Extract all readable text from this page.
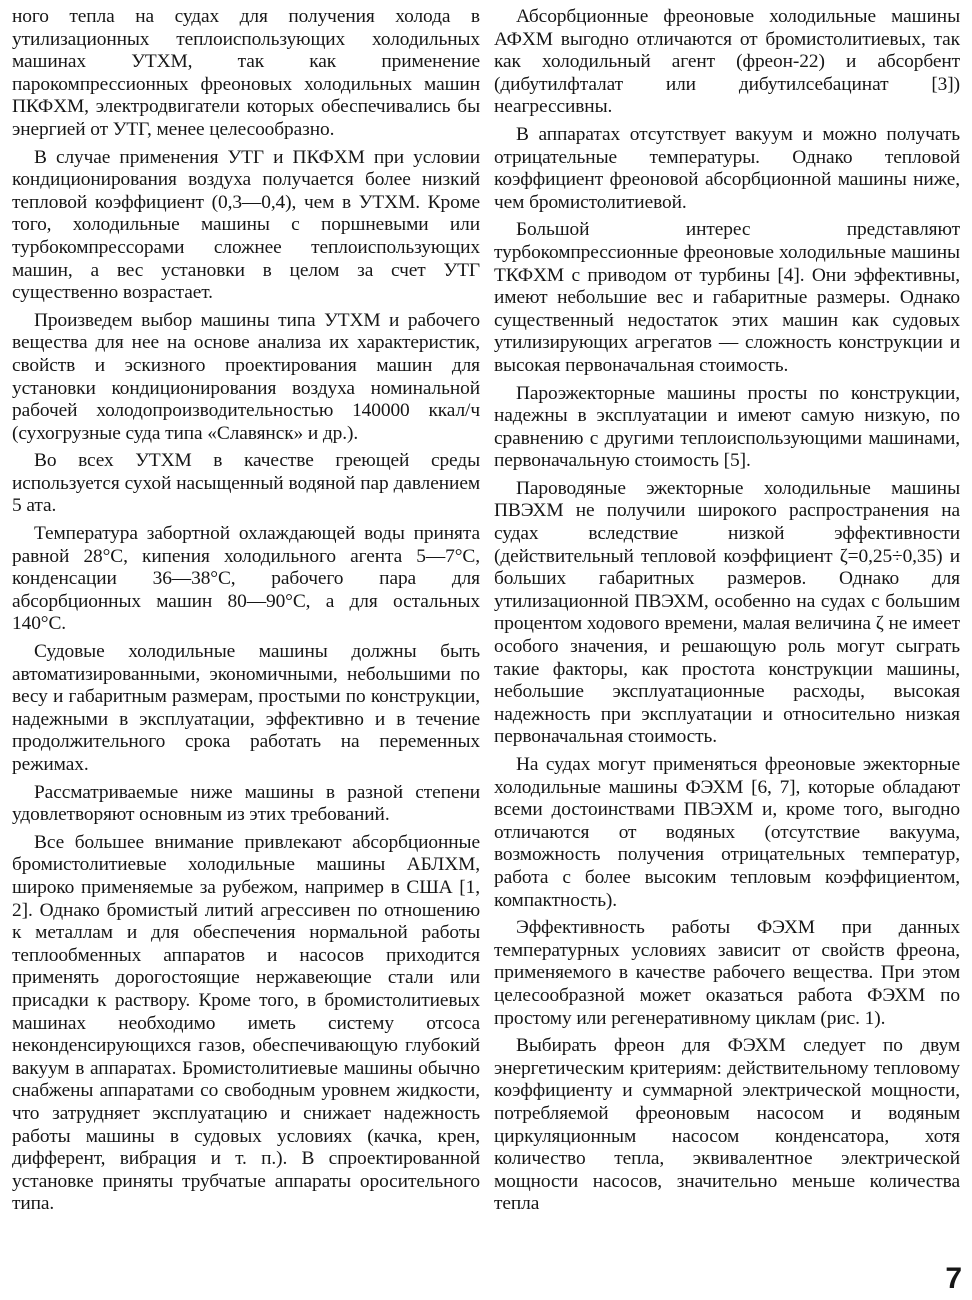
ного тепла на судах для получения холода в утилизационных теплоиспользующих холодильных машинах УТХМ, так как применение парокомпрессионных фреоновых холодильных машин ПКФХМ, электродвигатели которых обеспечивались бы энергией от УТГ, менее целесообразно.

В случае применения УТГ и ПКФХМ при условии кондиционирования воздуха получается более низкий тепловой коэффициент (0,3—0,4), чем в УТХМ. Кроме того, холодильные машины с поршневыми или турбокомпрессорами сложнее теплоиспользующих машин, а вес установки в целом за счет УТГ существенно возрастает.

Произведем выбор машины типа УТХМ и рабочего вещества для нее на основе анализа их характеристик, свойств и эскизного проектирования машин для установки кондиционирования воздуха номинальной рабочей холодопроизводительностью 140000 ккал/ч (сухогрузные суда типа «Славянск» и др.).

Во всех УТХМ в качестве греющей среды используется сухой насыщенный водяной пар давлением 5 ата.

Температура забортной охлаждающей воды принята равной 28°С, кипения холодильного агента 5—7°С, конденсации 36—38°С, рабочего пара для абсорбционных машин 80—90°С, а для остальных 140°С.

Судовые холодильные машины должны быть автоматизированными, экономичными, небольшими по весу и габаритным размерам, простыми по конструкции, надежными в эксплуатации, эффективно и в течение продолжительного срока работать на переменных режимах.

Рассматриваемые ниже машины в разной степени удовлетворяют основным из этих требований.

Все большее внимание привлекают абсорбционные бромистолитиевые холодильные машины АБЛХМ, широко применяемые за рубежом, например в США [1, 2]. Однако бромистый литий агрессивен по отношению к металлам и для обеспечения нормальной работы теплообменных аппаратов и насосов приходится применять дорогостоящие нержавеющие стали или присадки к раствору. Кроме того, в бромистолитиевых машинах необходимо иметь систему отсоса неконденсирующихся газов, обеспечивающую глубокий вакуум в аппаратах. Бромистолитиевые машины обычно снабжены аппаратами со свободным уровнем жидкости, что затрудняет эксплуатацию и снижает надежность работы машины в судовых условиях (качка, крен, дифферент, вибрация и т. п.). В спроектированной установке приняты трубчатые аппараты оросительного типа.

Абсорбционные фреоновые холодильные машины АФХМ выгодно отличаются от бромистолитиевых, так как холодильный агент (фреон-22) и абсорбент (дибутилфталат или дибутилсебацинат [3]) неагрессивны.

В аппаратах отсутствует вакуум и можно получать отрицательные температуры. Однако тепловой коэффициент фреоновой абсорбционной машины ниже, чем бромистолитиевой.

Большой интерес представляют турбокомпрессионные фреоновые холодильные машины ТКФХМ с приводом от турбины [4]. Они эффективны, имеют небольшие вес и габаритные размеры. Однако существенный недостаток этих машин как судовых утилизирующих агрегатов — сложность конструкции и высокая первоначальная стоимость.

Пароэжекторные машины просты по конструкции, надежны в эксплуатации и имеют самую низкую, по сравнению с другими теплоиспользующими машинами, первоначальную стоимость [5].

Пароводяные эжекторные холодильные машины ПВЭХМ не получили широкого распространения на судах вследствие низкой эффективности (действительный тепловой коэффициент ζ=0,25÷0,35) и больших габаритных размеров. Однако для утилизационной ПВЭХМ, особенно на судах с большим процентом ходового времени, малая величина ζ не имеет особого значения, и решающую роль могут сыграть такие факторы, как простота конструкции машины, небольшие эксплуатационные расходы, высокая надежность при эксплуатации и относительно низкая первоначальная стоимость.

На судах могут применяться фреоновые эжекторные холодильные машины ФЭХМ [6, 7], которые обладают всеми достоинствами ПВЭХМ и, кроме того, выгодно отличаются от водяных (отсутствие вакуума, возможность получения отрицательных температур, работа с более высоким тепловым коэффициентом, компактность).

Эффективность работы ФЭХМ при данных температурных условиях зависит от свойств фреона, применяемого в качестве рабочего вещества. При этом целесообразной может оказаться работа ФЭХМ по простому или регенеративному циклам (рис. 1).

Выбирать фреон для ФЭХМ следует по двум энергетическим критериям: действительному тепловому коэффициенту и суммарной электрической мощности, потребляемой фреоновым насосом и водяным циркуляционным насосом конденсатора, хотя количество тепла, эквивалентное электрической мощности насосов, значительно меньше количества тепла

7
